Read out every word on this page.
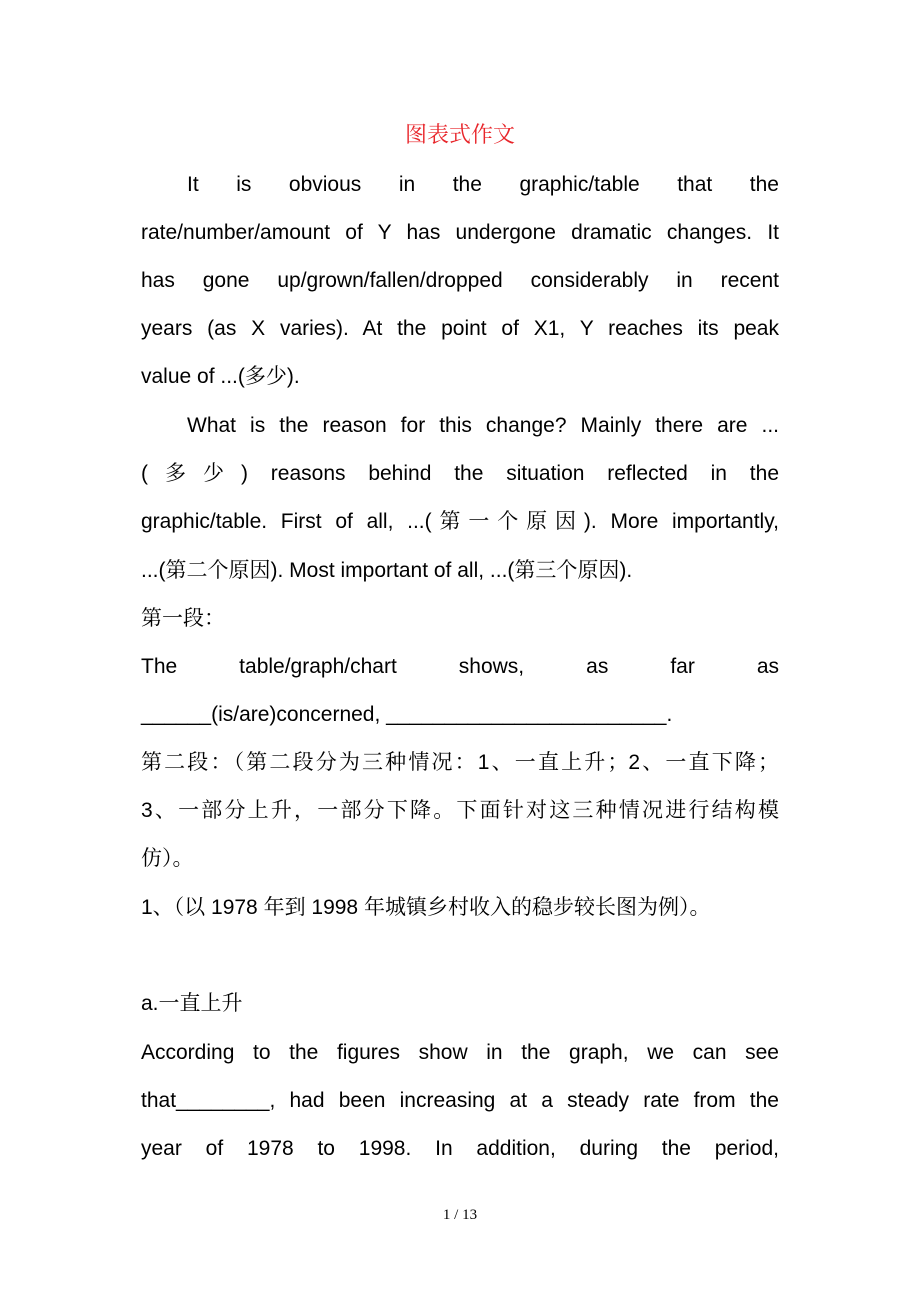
图表式作文
It is obvious in the graphic/table that the
rate/number/amount of Y has undergone dramatic changes. It
has gone up/grown/fallen/dropped considerably in recent
years (as X varies). At the point of X1, Y reaches its peak
value of ...(多少).
What is the reason for this change? Mainly there are ...
(多少) reasons behind the situation reflected in the
graphic/table. First of all, ...(第一个原因). More importantly,
...(第二个原因). Most important of all, ...(第三个原因).
第一段：
The table/graph/chart shows, as far as
______(is/are)concerned, ________________________.
第二段：（第二段分为三种情况：1、一直上升；2、一直下降；
3、一部分上升，一部分下降。下面针对这三种情况进行结构模
仿）。
1、（以 1978 年到 1998 年城镇乡村收入的稳步较长图为例）。
a.一直上升
According to the figures show in the graph, we can see
that________, had been increasing at a steady rate from the
year of 1978 to 1998. In addition, during the period,
1 / 13
